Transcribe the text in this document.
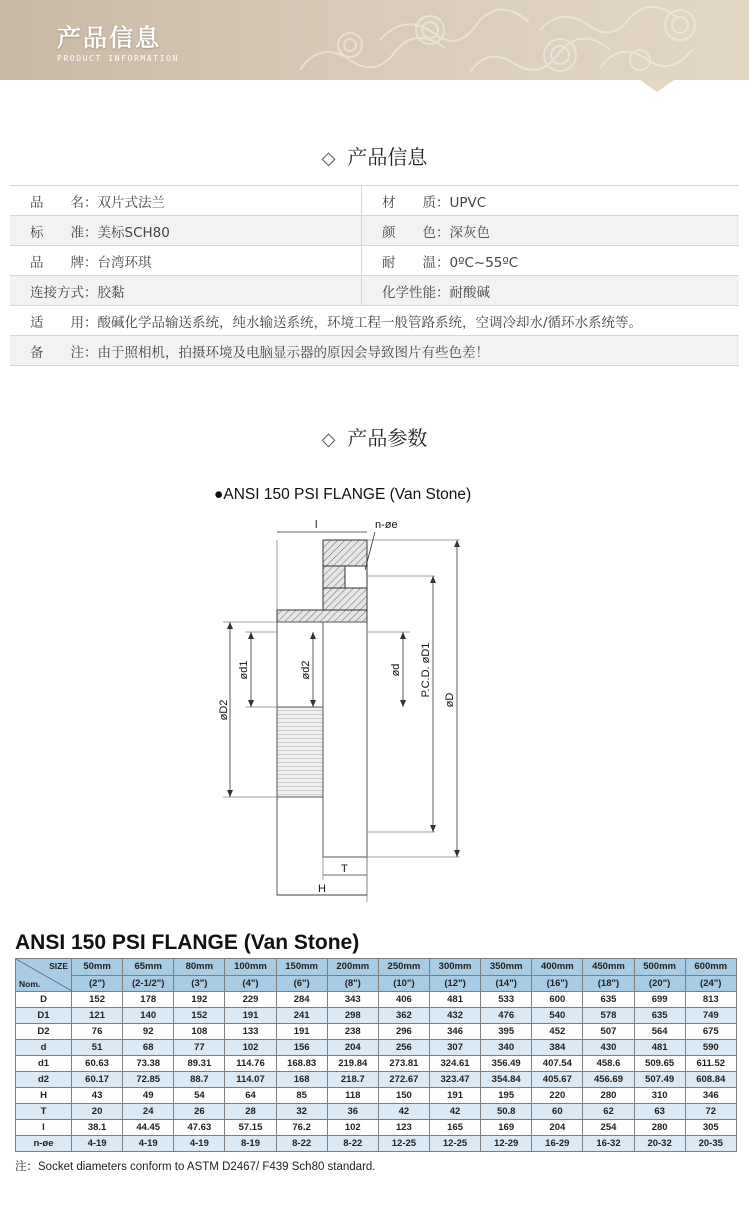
产品信息
PRODUCT INFORMATION
◇ 产品信息
品　　名：双片式法兰	材　　质：UPVC
标　　准：美标SCH80	颜　　色：深灰色
品　　牌：台湾环琪	耐　　温：0ºC~55ºC
连接方式：胶黏	化学性能：耐酸碱
适　　用：酸碱化学品输送系统，纯水输送系统，环境工程一般管路系统，空调冷却水/循环水系统等。	
备　　注：由于照相机，拍摄环境及电脑显示器的原因会导致图片有些色差！	
◇ 产品参数
●ANSI 150 PSI FLANGE (Van Stone)
l	n-øe
øD2
ød1	ød2	ød P.C.D. øD1
øD
T
H
ANSI 150 PSI FLANGE (Van Stone)
SIZE
Nom.	50mm	65mm	80mm	100mm	150mm	200mm	250mm	300mm	350mm	400mm	450mm	500mm	600mm
	(2")	(2-1/2")	(3")	(4")	(6")	(8")	(10")	(12")	(14")	(16")	(18")	(20")	(24")
D	152	178	192	229	284	343	406	481	533	600	635	699	813
D1	121	140	152	191	241	298	362	432	476	540	578	635	749
D2	76	92	108	133	191	238	296	346	395	452	507	564	675
d	51	68	77	102	156	204	256	307	340	384	430	481	590
d1	60.63	73.38	89.31	114.76	168.83	219.84	273.81	324.61	356.49	407.54	458.6	509.65	611.52
d2	60.17	72.85	88.7	114.07	168	218.7	272.67	323.47	354.84	405.67	456.69	507.49	608.84
H	43	49	54	64	85	118	150	191	195	220	280	310	346
T	20	24	26	28	32	36	42	42	50.8	60	62	63	72
l	38.1	44.45	47.63	57.15	76.2	102	123	165	169	204	254	280	305
n-øe	4-19	4-19	4-19	8-19	8-22	8-22	12-25	12-25	12-29	16-29	16-32	20-32	20-35
注：Socket diameters conform to ASTM D2467/ F439 Sch80 standard.
